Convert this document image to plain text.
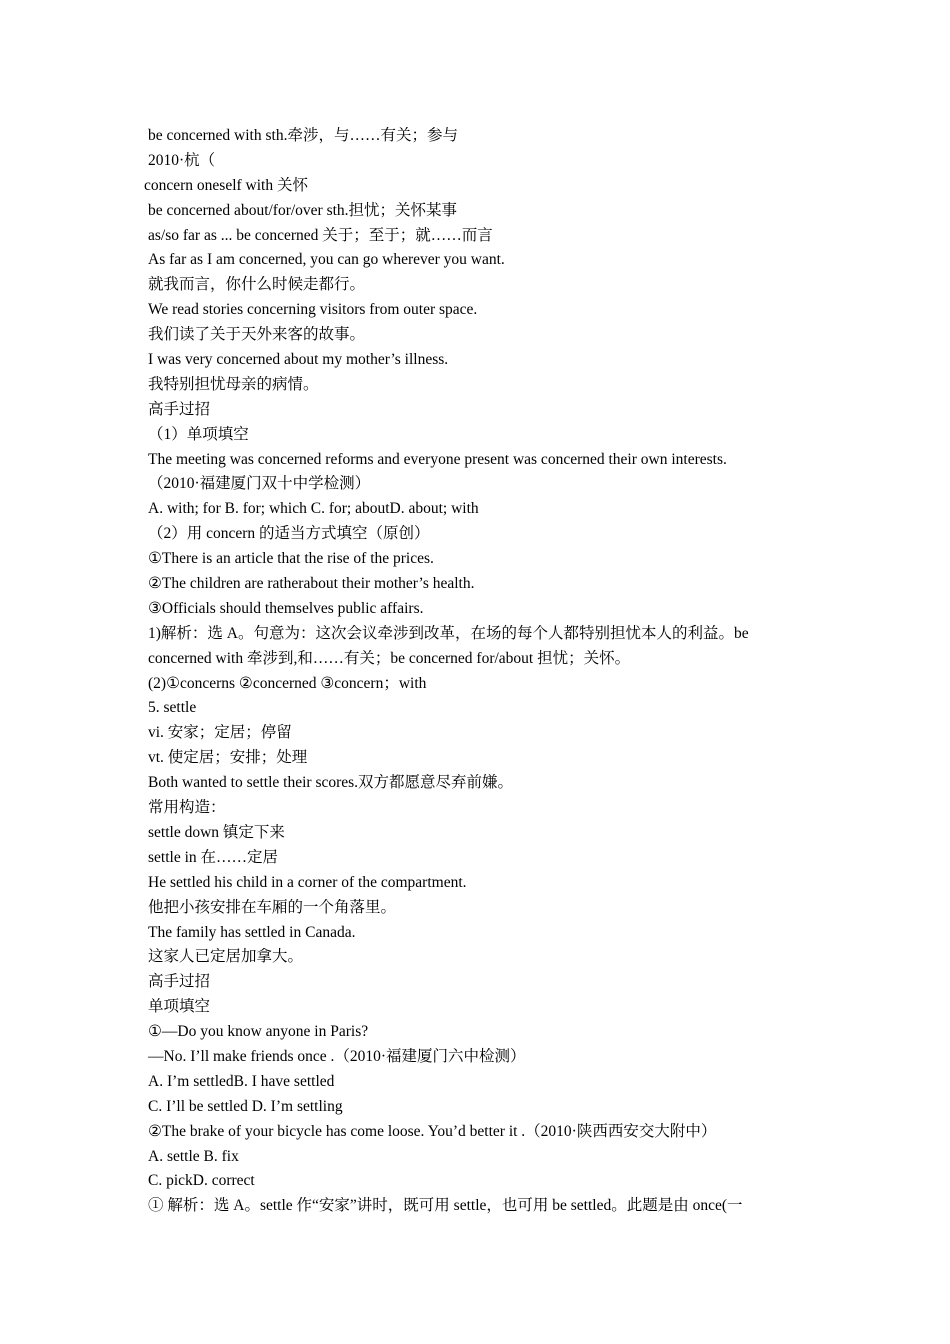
be concerned with sth.牵涉，与……有关；参与
2010·杭（
concern oneself with 关怀
be concerned about/for/over sth.担忧；关怀某事
as/so far as ... be concerned 关于；至于；就……而言
As far as I am concerned, you can go wherever you want.
就我而言，你什么时候走都行。
We read stories concerning visitors from outer space.
我们读了关于天外来客的故事。
I was very concerned about my mother’s illness.
我特别担忧母亲的病情。
高手过招
（1）单项填空
The meeting was concerned reforms and everyone present was concerned their own interests.
（2010·福建厦门双十中学检测）
A. with; for B. for; which C. for; aboutD. about; with
（2）用 concern 的适当方式填空（原创）
①There is an article that the rise of the prices.
②The children are ratherabout their mother’s health.
③Officials should themselves public affairs.
1)解析：选 A。句意为：这次会议牵涉到改革，在场的每个人都特别担忧本人的利益。be
concerned with 牵涉到,和……有关；be concerned for/about 担忧；关怀。
(2)①concerns ②concerned ③concern；with
5. settle
vi. 安家；定居；停留
vt. 使定居；安排；处理
Both wanted to settle their scores.双方都愿意尽弃前嫌。
常用构造：
settle down 镇定下来
settle in 在……定居
He settled his child in a corner of the compartment.
他把小孩安排在车厢的一个角落里。
The family has settled in Canada.
这家人已定居加拿大。
高手过招
单项填空
①—Do you know anyone in Paris?
—No. I’ll make friends once .（2010·福建厦门六中检测）
A. I’m settledB. I have settled
C. I’ll be settled D. I’m settling
②The brake of your bicycle has come loose. You’d better it .（2010·陕西西安交大附中）
A. settle B. fix
C. pickD. correct
① 解析：选 A。settle 作“安家”讲时，既可用 settle，也可用 be settled。此题是由 once(一
